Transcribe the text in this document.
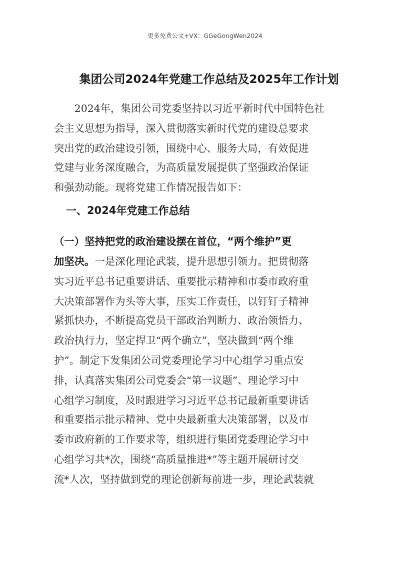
更多免费公文+VX：GGeGongWen2024
集团公司2024年党建工作总结及2025年工作计划
　　2024年，集团公司党委坚持以习近平新时代中国特色社
会主义思想为指导，深入贯彻落实新时代党的建设总要求
突出党的政治建设引领，围绕中心、服务大局，有效促进
党建与业务深度融合，为高质量发展提供了坚强政治保证
和强劲动能。现将党建工作情况报告如下：
一、2024年党建工作总结
（一）坚持把党的政治建设摆在首位，“两个维护”更
加坚决。一是深化理论武装，提升思想引领力。把贯彻落
实习近平总书记重要讲话、重要批示精神和市委市政府重
大决策部署作为头等大事，压实工作责任，以钉钉子精神
紧抓快办，不断提高党员干部政治判断力、政治领悟力、
政治执行力，坚定捍卫“两个确立”，坚决做到“两个维
护”。制定下发集团公司党委理论学习中心组学习重点安
排，认真落实集团公司党委会“第一议题”、理论学习中
心组学习制度，及时跟进学习习近平总书记最新重要讲话
和重要指示批示精神、党中央最新重大决策部署，以及市
委市政府新的工作要求等，组织进行集团党委理论学习中
心组学习共*次，围绕“高质量推进*”等主题开展研讨交
流*人次，坚持做到党的理论创新每前进一步，理论武装就
